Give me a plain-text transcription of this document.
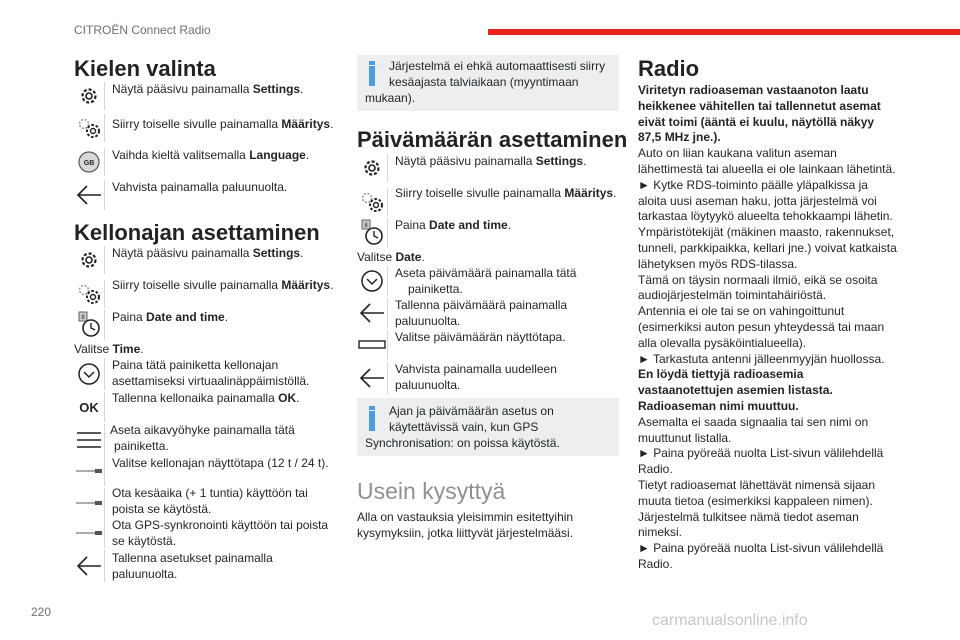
CITROËN Connect Radio
Kielen valinta
Näytä pääsivu painamalla Settings.
Siirry toiselle sivulle painamalla Määritys.
GB
Vaihda kieltä valitsemalla Language.
Vahvista painamalla paluunuolta.
Kellonajan asettaminen
Näytä pääsivu painamalla Settings.
Siirry toiselle sivulle painamalla Määritys.
8 Paina Date and time.
Valitse Time.
Paina tätä painiketta kellonajan
asettamiseksi virtuaalinäppäimistöllä.
OK
Tallenna kellonaika painamalla OK.
Aseta aikavyöhyke painamalla tätä
painiketta.
Valitse kellonajan näyttötapa (12 t / 24 t).
Ota kesäaika (+ 1 tuntia) käyttöön tai
poista se käytöstä.
Ota GPS-synkronointi käyttöön tai poista
se käytöstä.
Tallenna asetukset painamalla
paluunuolta.
Järjestelmä ei ehkä automaattisesti siirry
kesäajasta talviaikaan (myyntimaan
mukaan).
Päivämäärän asettaminen
Näytä pääsivu painamalla Settings.
Siirry toiselle sivulle painamalla Määritys.
8 Paina Date and time.
Valitse Date.
Aseta päivämäärä painamalla tätä
painiketta.
Tallenna päivämäärä painamalla
paluunuolta.
Valitse päivämäärän näyttötapa.
Vahvista painamalla uudelleen
paluunuolta.
Ajan ja päivämäärän asetus on
käytettävissä vain, kun GPS
Synchronisation: on poissa käytöstä.
Usein kysyttyä
Alla on vastauksia yleisimmin esitettyihin
kysymyksiin, jotka liittyvät järjestelmääsi.
Radio
Viritetyn radioaseman vastaanoton laatu
heikkenee vähitellen tai tallennetut asemat
eivät toimi (ääntä ei kuulu, näytöllä näkyy
87,5 MHz jne.).
Auto on liian kaukana valitun aseman
lähettimestä tai alueella ei ole lainkaan lähetintä.
► Kytke RDS-toiminto päälle yläpalkissa ja
aloita uusi aseman haku, jotta järjestelmä voi
tarkastaa löytyykö alueelta tehokkaampi lähetin.
Ympäristötekijät (mäkinen maasto, rakennukset,
tunneli, parkkipaikka, kellari jne.) voivat katkaista
lähetyksen myös RDS-tilassa.
Tämä on täysin normaali ilmiö, eikä se osoita
audiojärjestelmän toimintahäiriöstä.
Antennia ei ole tai se on vahingoittunut
(esimerkiksi auton pesun yhteydessä tai maan
alla olevalla pysäköintialueella).
► Tarkastuta antenni jälleenmyyjän huollossa.
En löydä tiettyjä radioasemia
vastaanotettujen asemien listasta.
Radioaseman nimi muuttuu.
Asemalta ei saada signaalia tai sen nimi on
muuttunut listalla.
► Paina pyöreää nuolta List-sivun välilehdellä
Radio.
Tietyt radioasemat lähettävät nimensä sijaan
muuta tietoa (esimerkiksi kappaleen nimen).
Järjestelmä tulkitsee nämä tiedot aseman
nimeksi.
► Paina pyöreää nuolta List-sivun välilehdellä
Radio.
220	carmanualsonline.info
